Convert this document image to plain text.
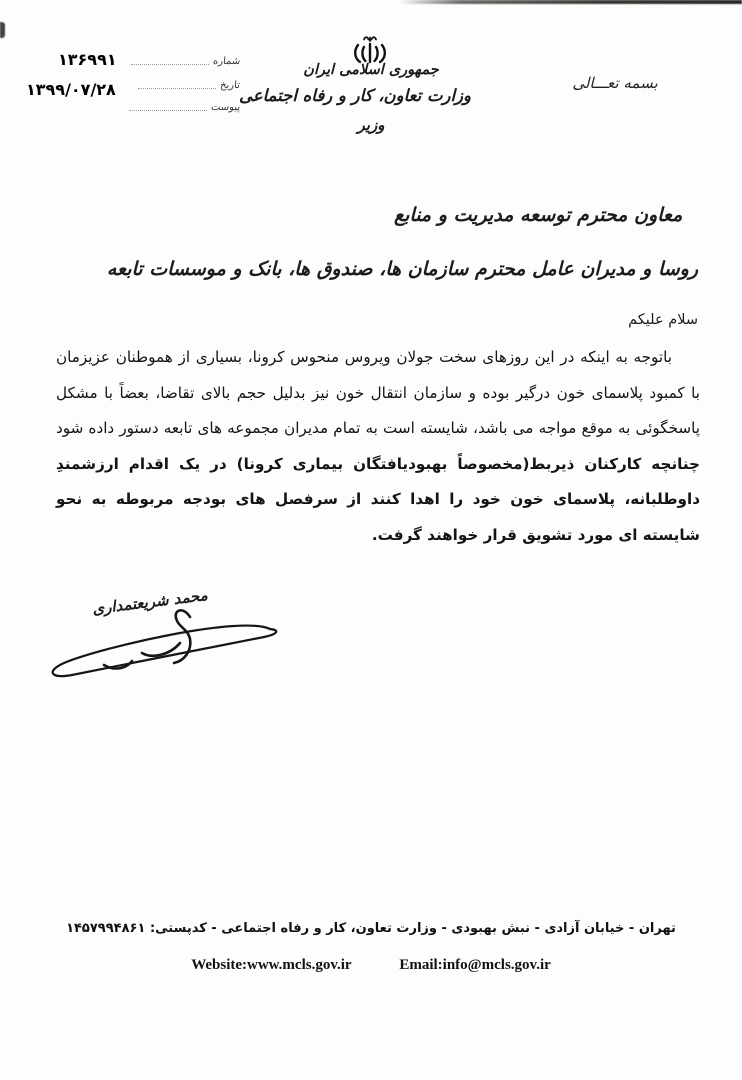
بسمه تعـــالی
جمهوری اسلامی ایران
وزارت تعاون، کار و رفاه اجتماعی
وزیر
شماره
تاریخ
پیوست
۱۳۶۹۹۱
۱۳۹۹/۰۷/۲۸
معاون محترم توسعه مدیریت و منابع
روسا و مدیران عامل محترم سازمان ها، صندوق ها، بانک و موسسات تابعه
سلام علیکم
باتوجه به اینکه در این روزهای سخت جولان ویروس منحوس کرونا، بسیاری از هموطنان عزیزمان با کمبود پلاسمای خون درگیر بوده و سازمان انتقال خون نیز بدلیل حجم بالای تقاضا، بعضاً با مشکل پاسخگوئی به موقع مواجه می باشد، شایسته است به تمام مدیران مجموعه های تابعه دستور داده شود چنانچه کارکنان ذیربط(مخصوصاً بهبودیافتگان بیماری کرونا) در یک اقدام ارزشمندِ داوطلبانه، پلاسمای خون خود را اهدا کنند از سرفصل های بودجه مربوطه به نحو شایسته ای مورد تشویق قرار خواهند گرفت.
محمد شریعتمداری
تهران - خیابان آزادی - نبش بهبودی - وزارت تعاون، کار و رفاه اجتماعی - کدپستی: ۱۴۵۷۹۹۴۸۶۱
Website:www.mcls.gov.ir	Email:info@mcls.gov.ir
